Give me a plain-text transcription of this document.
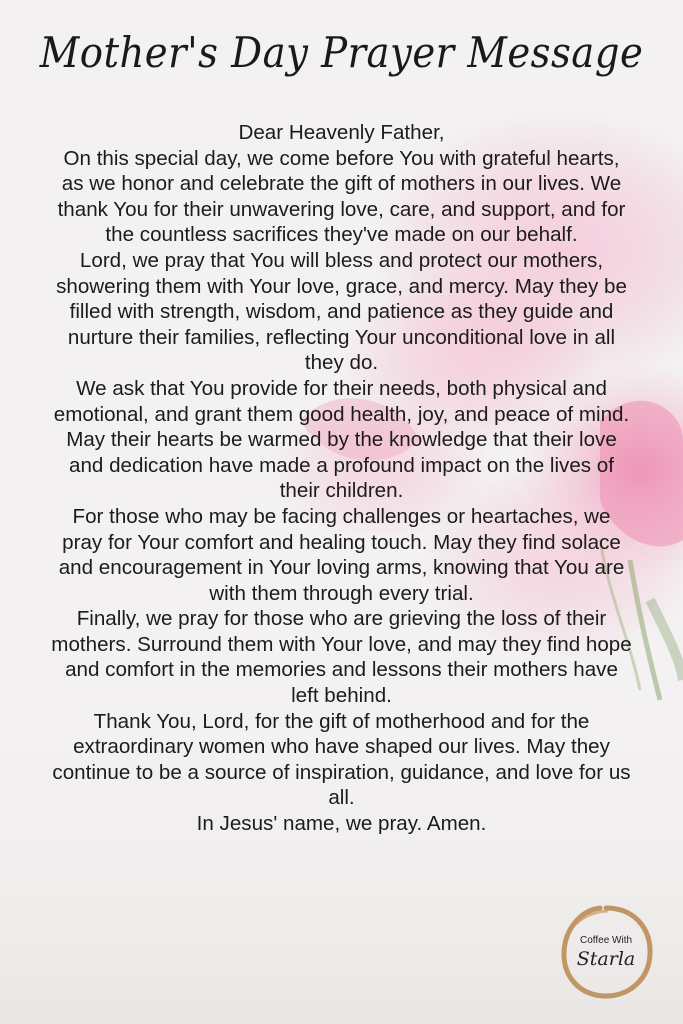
Mother's Day Prayer Message

Dear Heavenly Father,

On this special day, we come before You with grateful hearts, as we honor and celebrate the gift of mothers in our lives. We thank You for their unwavering love, care, and support, and for the countless sacrifices they've made on our behalf.

Lord, we pray that You will bless and protect our mothers, showering them with Your love, grace, and mercy. May they be filled with strength, wisdom, and patience as they guide and nurture their families, reflecting Your unconditional love in all they do.

We ask that You provide for their needs, both physical and emotional, and grant them good health, joy, and peace of mind. May their hearts be warmed by the knowledge that their love and dedication have made a profound impact on the lives of their children.

For those who may be facing challenges or heartaches, we pray for Your comfort and healing touch. May they find solace and encouragement in Your loving arms, knowing that You are with them through every trial.

Finally, we pray for those who are grieving the loss of their mothers. Surround them with Your love, and may they find hope and comfort in the memories and lessons their mothers have left behind.

Thank You, Lord, for the gift of motherhood and for the extraordinary women who have shaped our lives. May they continue to be a source of inspiration, guidance, and love for us all.

In Jesus' name, we pray. Amen.

Coffee With
Starla
